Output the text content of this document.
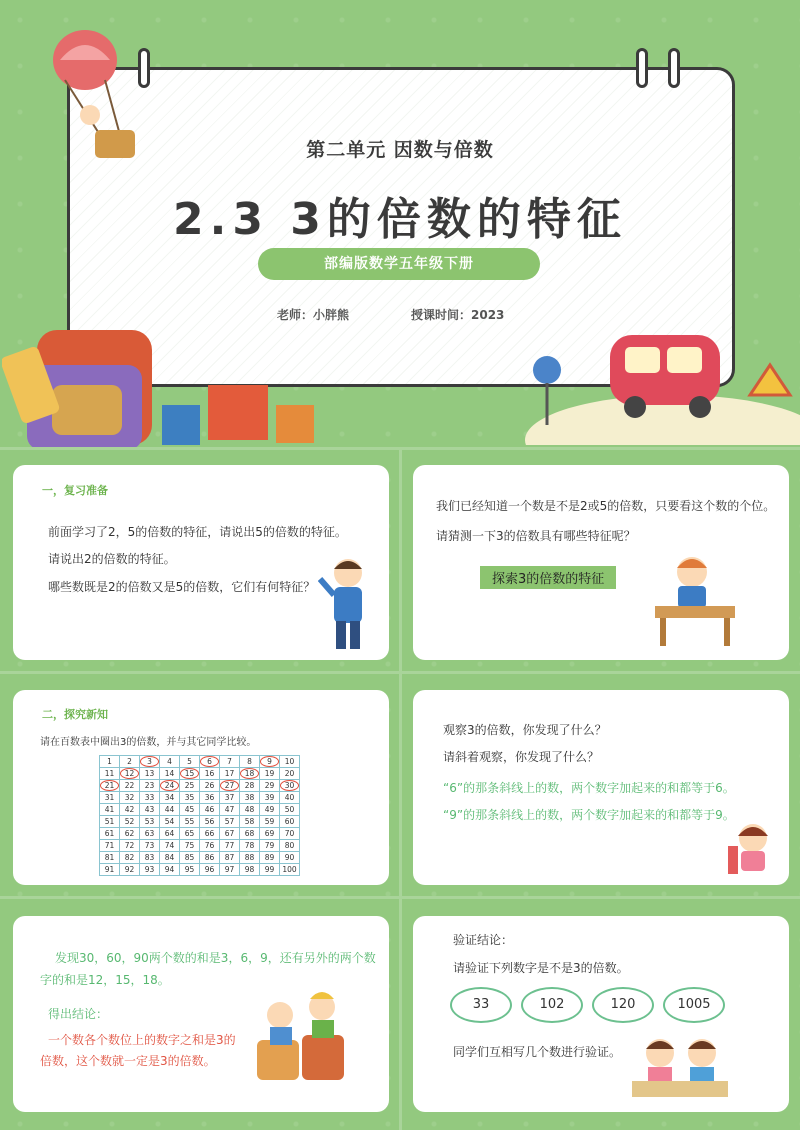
第二单元 因数与倍数
2.3 3的倍数的特征
部编版数学五年级下册
老师：小胖熊	授课时间：2023
一，复习准备
前面学习了2，5的倍数的特征，请说出5的倍数的特征。
请说出2的倍数的特征。
哪些数既是2的倍数又是5的倍数，它们有何特征？
我们已经知道一个数是不是2或5的倍数，只要看这个数的个位。
请猜测一下3的倍数具有哪些特征呢？
探索3的倍数的特征
二，探究新知
请在百数表中圈出3的倍数，并与其它同学比较。
1	2	3	4	5	6	7	8	9	10
11	12	13	14	15	16	17	18	19	20
21	22	23	24	25	26	27	28	29	30
31	32	33	34	35	36	37	38	39	40
41	42	43	44	45	46	47	48	49	50
51	52	53	54	55	56	57	58	59	60
61	62	63	64	65	66	67	68	69	70
71	72	73	74	75	76	77	78	79	80
81	82	83	84	85	86	87	88	89	90
91	92	93	94	95	96	97	98	99	100
观察3的倍数，你发现了什么？
请斜着观察，你发现了什么？
“6”的那条斜线上的数，两个数字加起来的和都等于6。
“9”的那条斜线上的数，两个数字加起来的和都等于9。
发现30，60，90两个数的和是3，6，9，还有另外的两个数
字的和是12，15，18。
得出结论：
一个数各个数位上的数字之和是3的
倍数，这个数就一定是3的倍数。
验证结论：
请验证下列数字是不是3的倍数。
33	102	120	1005
同学们互相写几个数进行验证。
